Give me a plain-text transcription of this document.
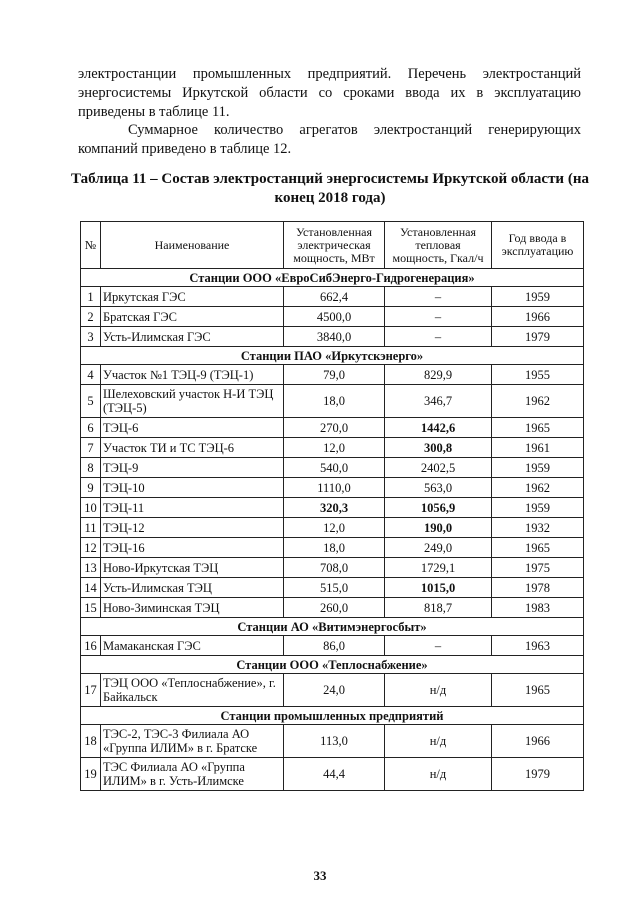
электростанции промышленных предприятий. Перечень электростанций энергосистемы Иркутской области со сроками ввода их в эксплуатацию приведены в таблице 11.

Суммарное количество агрегатов электростанций генерирующих компаний приведено в таблице 12.

Таблица 11 – Состав электростанций энергосистемы Иркутской области (на конец 2018 года)
№	Наименование	Установленная электрическая мощность, МВт	Установленная тепловая мощность, Гкал/ч	Год ввода в эксплуатацию
Станции ООО «ЕвроСибЭнерго-Гидрогенерация»				
1	Иркутская ГЭС	662,4	–	1959
2	Братская ГЭС	4500,0	–	1966
3	Усть-Илимская ГЭС	3840,0	–	1979
Станции ПАО «Иркутскэнерго»				
4	Участок №1 ТЭЦ-9 (ТЭЦ-1)	79,0	829,9	1955
5	Шелеховский участок Н-И ТЭЦ (ТЭЦ-5)	18,0	346,7	1962
6	ТЭЦ-6	270,0	1442,6	1965
7	Участок ТИ и ТС ТЭЦ-6	12,0	300,8	1961
8	ТЭЦ-9	540,0	2402,5	1959
9	ТЭЦ-10	1110,0	563,0	1962
10	ТЭЦ-11	320,3	1056,9	1959
11	ТЭЦ-12	12,0	190,0	1932
12	ТЭЦ-16	18,0	249,0	1965
13	Ново-Иркутская ТЭЦ	708,0	1729,1	1975
14	Усть-Илимская ТЭЦ	515,0	1015,0	1978
15	Ново-Зиминская ТЭЦ	260,0	818,7	1983
Станции АО «Витимэнергосбыт»				
16	Мамаканская ГЭС	86,0	–	1963
Станции ООО «Теплоснабжение»				
17	ТЭЦ ООО «Теплоснабжение», г. Байкальск	24,0	н/д	1965
Станции промышленных предприятий				
18	ТЭС-2, ТЭС-3 Филиала АО «Группа ИЛИМ» в г. Братске	113,0	н/д	1966
19	ТЭС Филиала АО «Группа ИЛИМ» в г. Усть-Илимске	44,4	н/д	1979
33
